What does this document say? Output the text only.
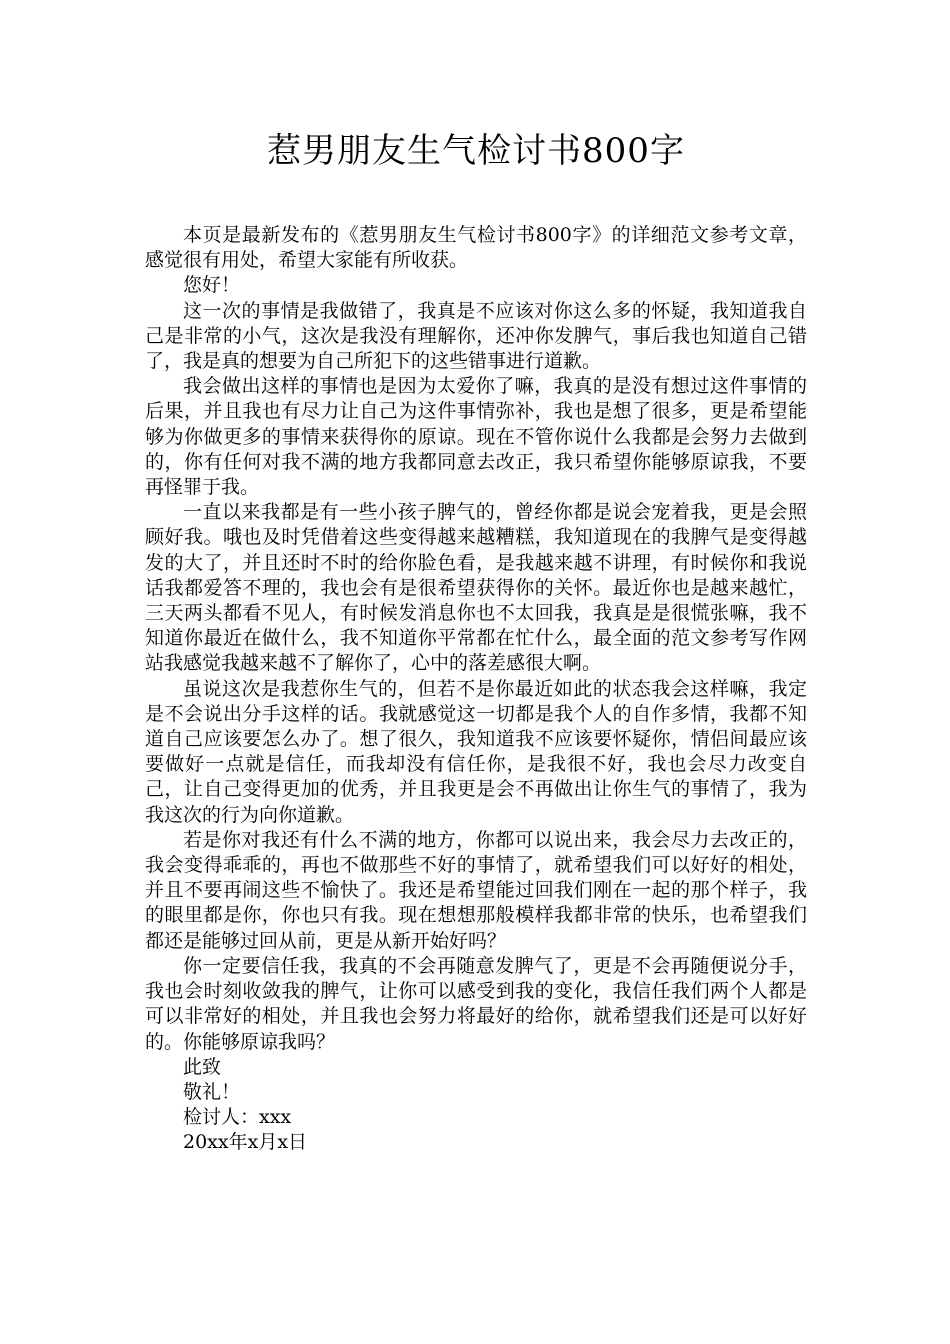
惹男朋友生气检讨书800字

本页是最新发布的《惹男朋友生气检讨书800字》的详细范文参考文章，感觉很有用处，希望大家能有所收获。

您好！

这一次的事情是我做错了，我真是不应该对你这么多的怀疑，我知道我自己是非常的小气，这次是我没有理解你，还冲你发脾气，事后我也知道自己错了，我是真的想要为自己所犯下的这些错事进行道歉。

我会做出这样的事情也是因为太爱你了嘛，我真的是没有想过这件事情的后果，并且我也有尽力让自己为这件事情弥补，我也是想了很多，更是希望能够为你做更多的事情来获得你的原谅。现在不管你说什么我都是会努力去做到的，你有任何对我不满的地方我都同意去改正，我只希望你能够原谅我，不要再怪罪于我。

一直以来我都是有一些小孩子脾气的，曾经你都是说会宠着我，更是会照顾好我。哦也及时凭借着这些变得越来越糟糕，我知道现在的我脾气是变得越发的大了，并且还时不时的给你脸色看，是我越来越不讲理，有时候你和我说话我都爱答不理的，我也会有是很希望获得你的关怀。最近你也是越来越忙，三天两头都看不见人，有时候发消息你也不太回我，我真是是很慌张嘛，我不知道你最近在做什么，我不知道你平常都在忙什么，最全面的范文参考写作网站我感觉我越来越不了解你了，心中的落差感很大啊。

虽说这次是我惹你生气的，但若不是你最近如此的状态我会这样嘛，我定是不会说出分手这样的话。我就感觉这一切都是我个人的自作多情，我都不知道自己应该要怎么办了。想了很久，我知道我不应该要怀疑你，情侣间最应该要做好一点就是信任，而我却没有信任你，是我很不好，我也会尽力改变自己，让自己变得更加的优秀，并且我更是会不再做出让你生气的事情了，我为我这次的行为向你道歉。

若是你对我还有什么不满的地方，你都可以说出来，我会尽力去改正的，我会变得乖乖的，再也不做那些不好的事情了，就希望我们可以好好的相处，并且不要再闹这些不愉快了。我还是希望能过回我们刚在一起的那个样子，我的眼里都是你，你也只有我。现在想想那般模样我都非常的快乐，也希望我们都还是能够过回从前，更是从新开始好吗？

你一定要信任我，我真的不会再随意发脾气了，更是不会再随便说分手，我也会时刻收敛我的脾气，让你可以感受到我的变化，我信任我们两个人都是可以非常好的相处，并且我也会努力将最好的给你，就希望我们还是可以好好的。你能够原谅我吗？

此致

敬礼！

检讨人：xxx

20xx年x月x日
